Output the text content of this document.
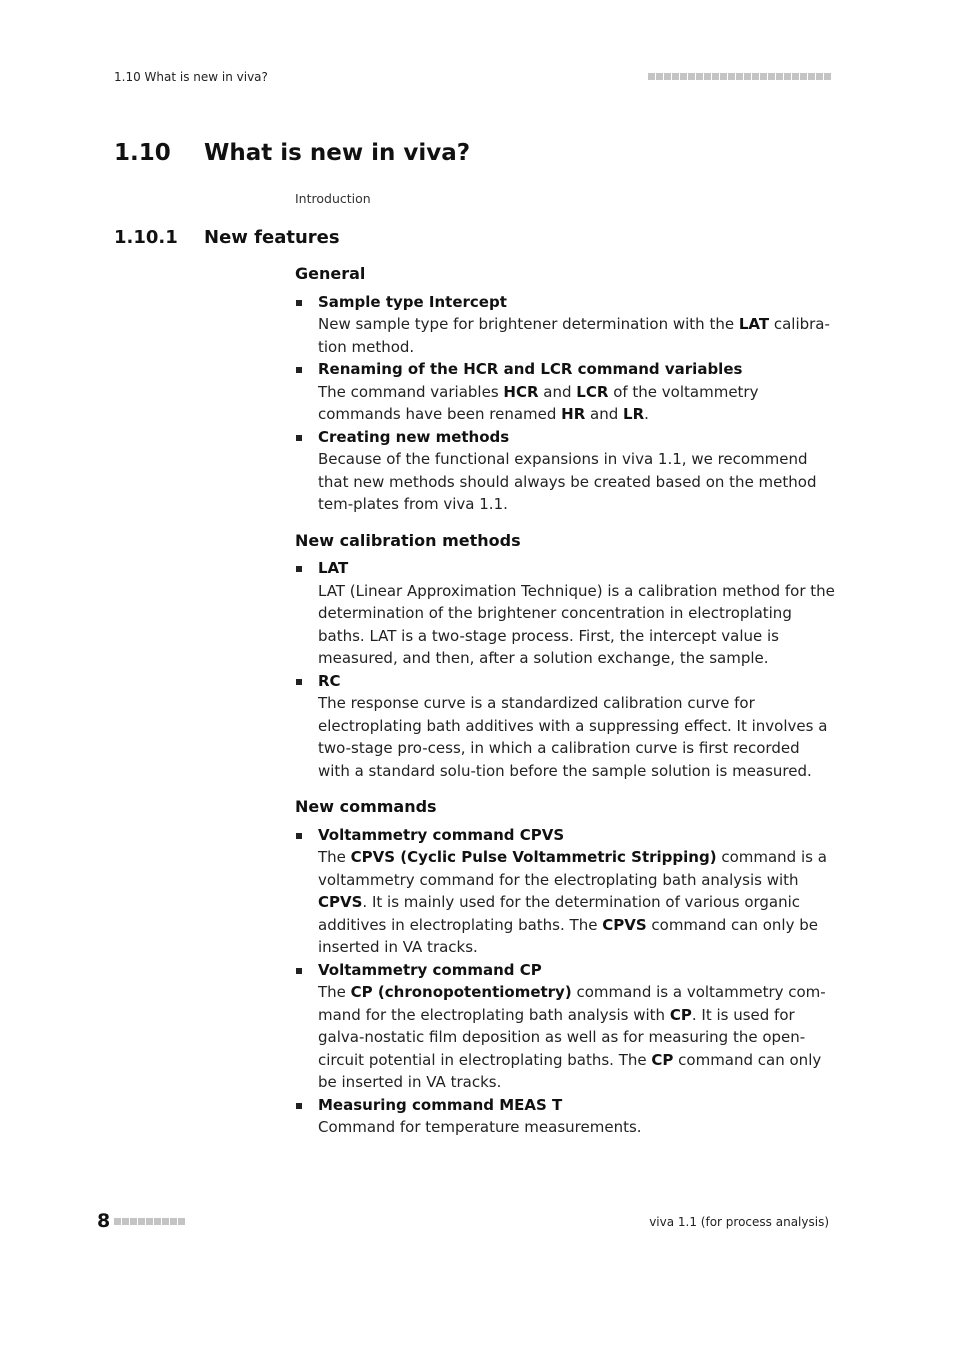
1.10 What is new in viva?
1.10 What is new in viva?
Introduction
1.10.1 New features
General
Sample type Intercept
New sample type for brightener determination with the LAT calibra-tion method.
Renaming of the HCR and LCR command variables
The command variables HCR and LCR of the voltammetry commands have been renamed HR and LR.
Creating new methods
Because of the functional expansions in viva 1.1, we recommend that new methods should always be created based on the method tem-plates from viva 1.1.
New calibration methods
LAT
LAT (Linear Approximation Technique) is a calibration method for the determination of the brightener concentration in electroplating baths. LAT is a two-stage process. First, the intercept value is measured, and then, after a solution exchange, the sample.
RC
The response curve is a standardized calibration curve for electroplating bath additives with a suppressing effect. It involves a two-stage pro-cess, in which a calibration curve is first recorded with a standard solu-tion before the sample solution is measured.
New commands
Voltammetry command CPVS
The CPVS (Cyclic Pulse Voltammetric Stripping) command is a voltammetry command for the electroplating bath analysis with CPVS. It is mainly used for the determination of various organic additives in electroplating baths. The CPVS command can only be inserted in VA tracks.
Voltammetry command CP
The CP (chronopotentiometry) command is a voltammetry com-mand for the electroplating bath analysis with CP. It is used for galva-nostatic film deposition as well as for measuring the open-circuit potential in electroplating baths. The CP command can only be inserted in VA tracks.
Measuring command MEAS T
Command for temperature measurements.
8	viva 1.1 (for process analysis)
